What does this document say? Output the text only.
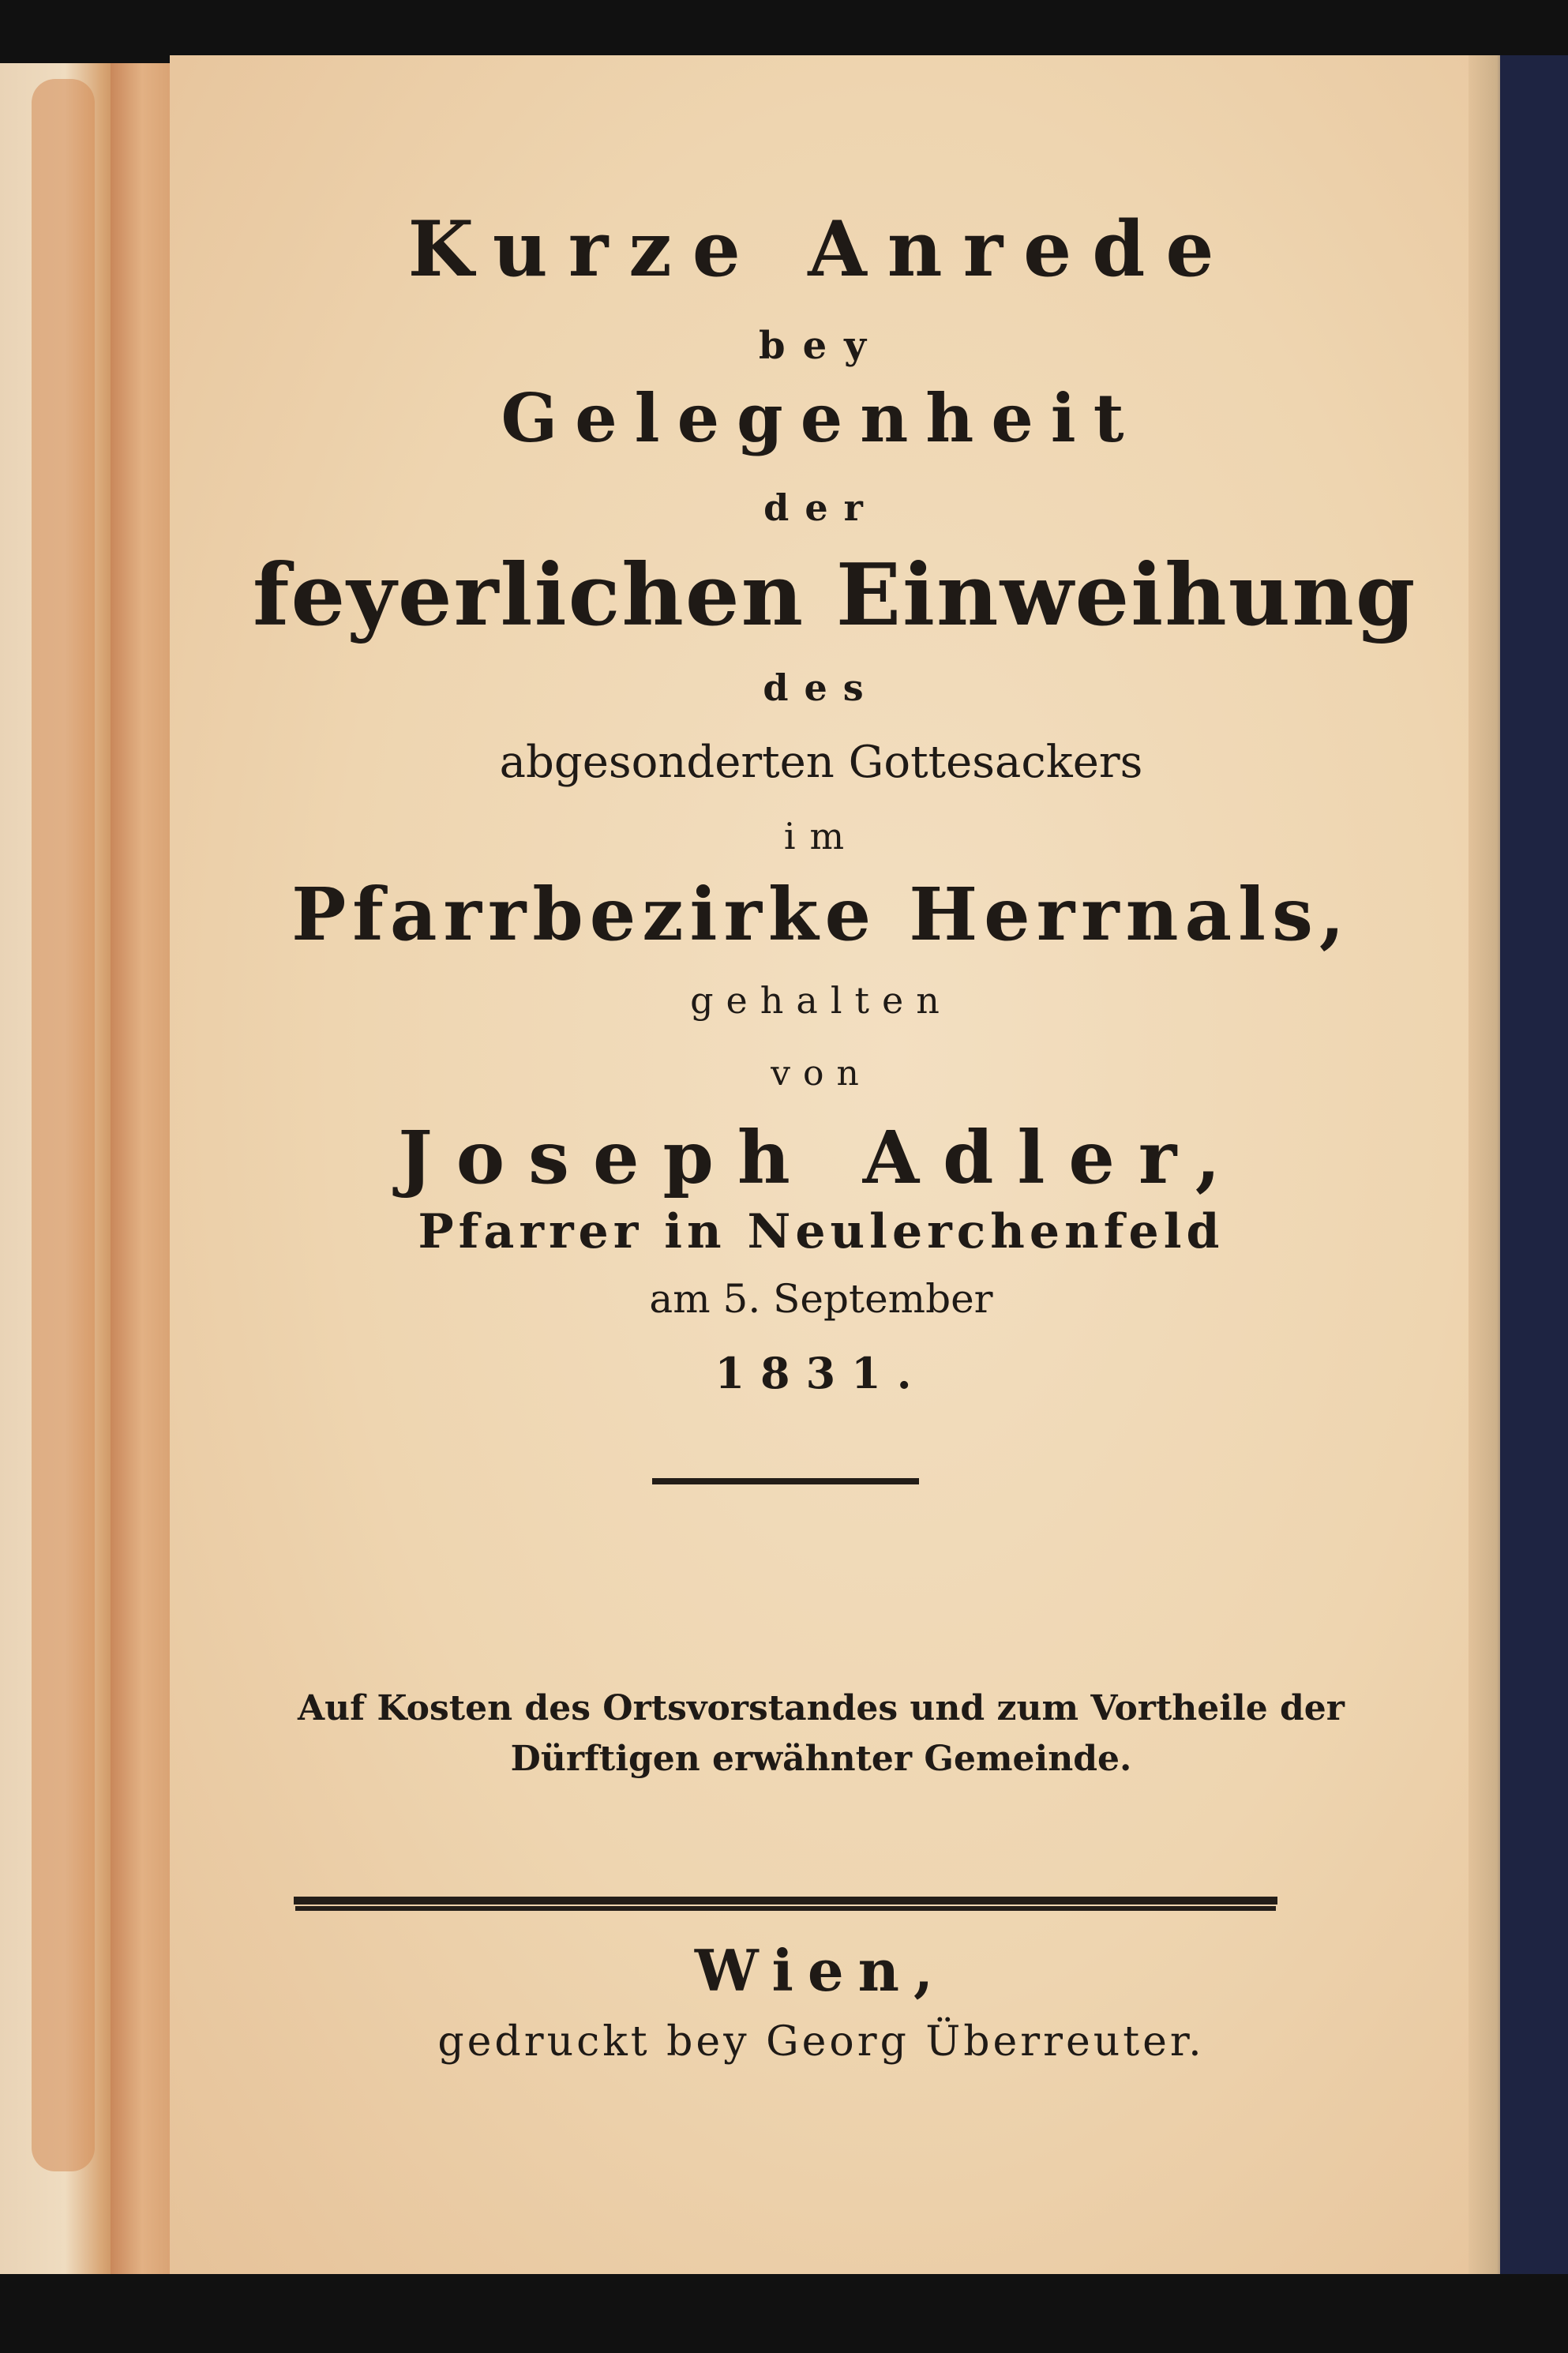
Kurze Anrede
bey
Gelegenheit
der
feyerlichen Einweihung
des
abgesonderten Gottesackers
im
Pfarrbezirke Herrnals,
gehalten
von
Joseph Adler,
Pfarrer in Neulerchenfeld
am 5. September
1831.
Auf Kosten des Ortsvorstandes und zum Vortheile der
Dürftigen erwähnter Gemeinde.
Wien,
gedruckt bey Georg Überreuter.
